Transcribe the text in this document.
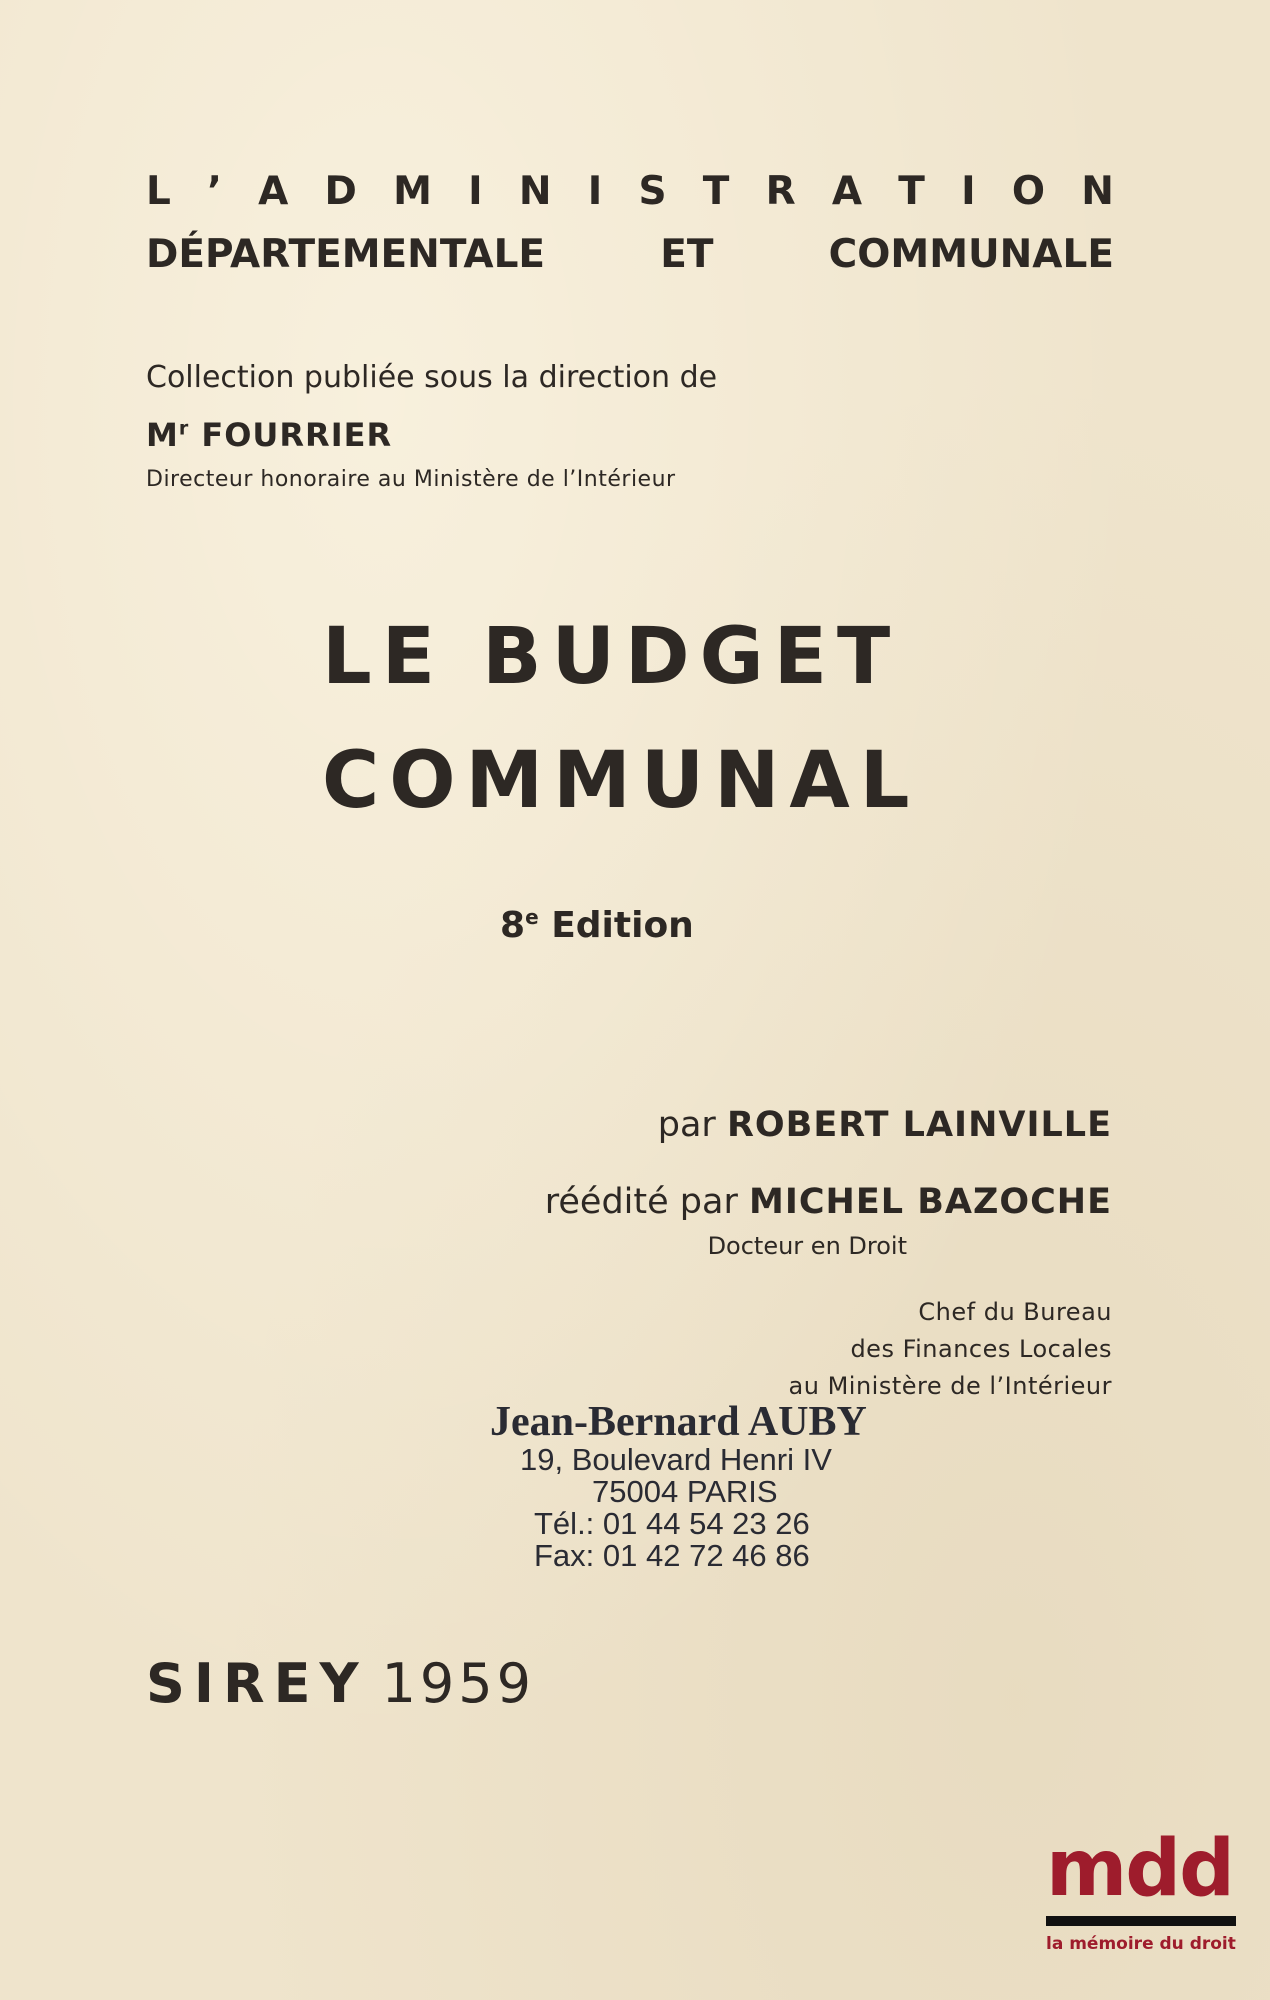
L ’ A D M I N I S T R A T I O N
DÉPARTEMENTALE	ET	COMMUNALE
Collection publiée sous la direction de
$M^r$ FOURRIER
Directeur honoraire au Ministère de l’Intérieur
LE BUDGET
COMMUNAL
8e Edition
par ROBERT LAINVILLE
réédité par MICHEL BAZOCHE
Docteur en Droit
Chef du Bureau
des Finances Locales
au Ministère de l’Intérieur
Jean-Bernard AUBY
19, Boulevard Henri IV
75004 PARIS
Tél.: 01 44 54 23 26
Fax: 01 42 72 46 86
SIREY 1959
mdd
la mémoire du droit
